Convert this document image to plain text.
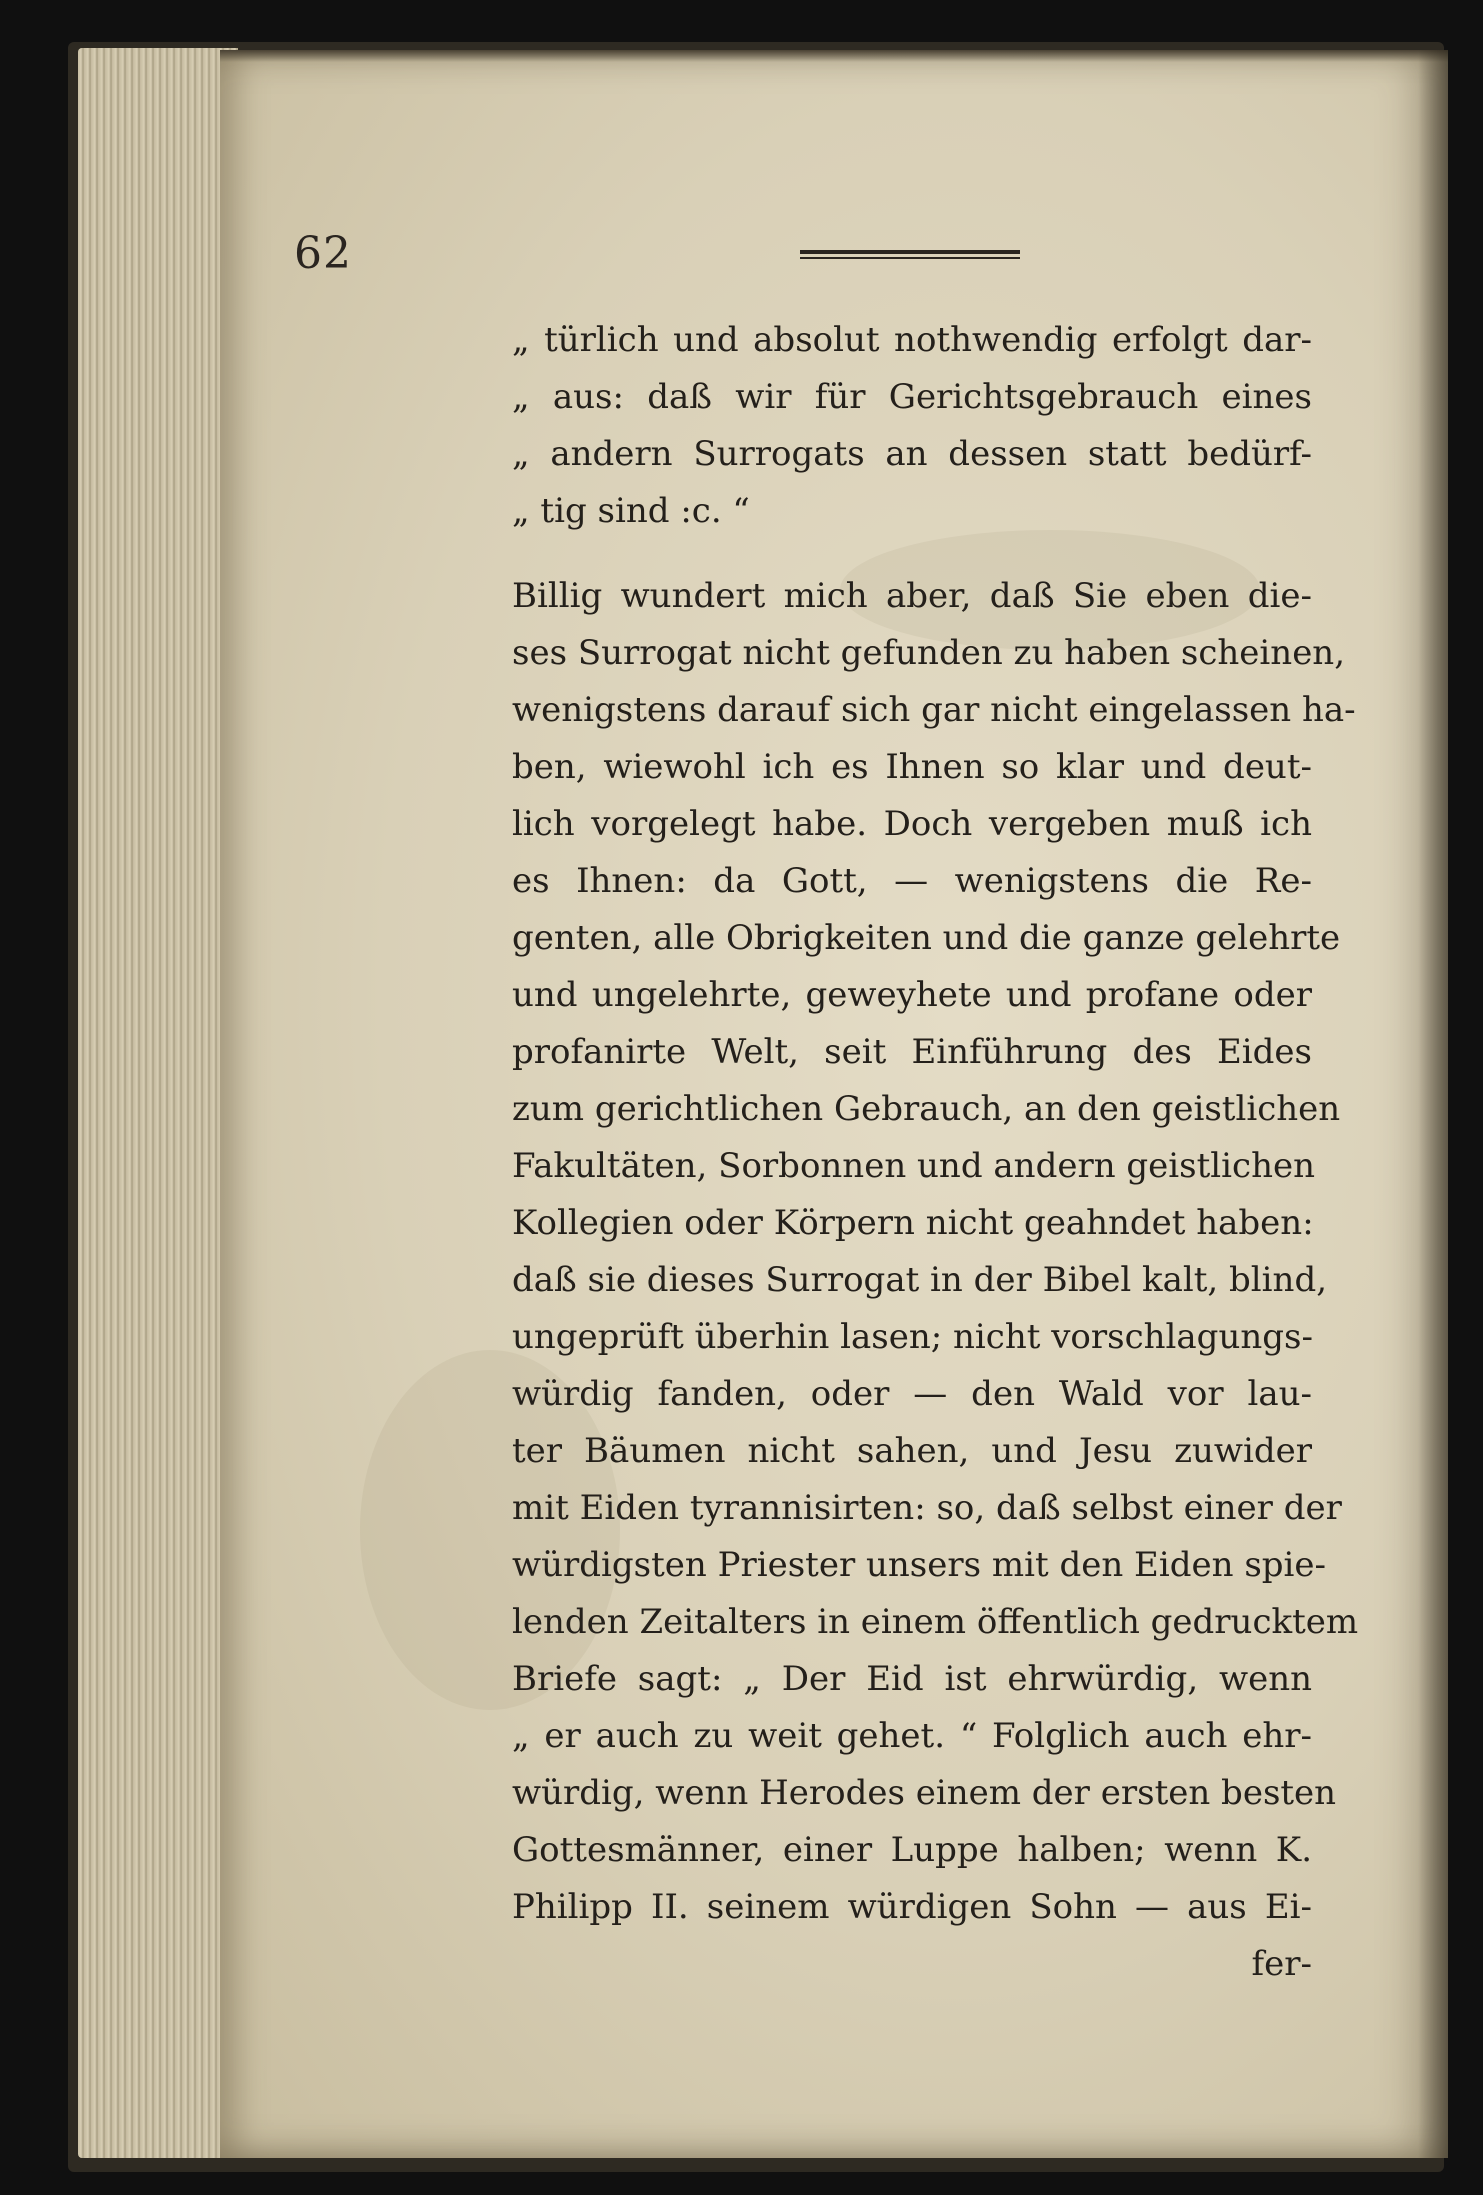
62
„ türlich und absolut nothwendig erfolgt dar-
„ aus: daß wir für Gerichtsgebrauch eines
„ andern Surrogats an dessen statt bedürf-
„ tig sind :c. “
Billig wundert mich aber, daß Sie eben die-
ses Surrogat nicht gefunden zu haben scheinen,
wenigstens darauf sich gar nicht eingelassen ha-
ben, wiewohl ich es Ihnen so klar und deut-
lich vorgelegt habe. Doch vergeben muß ich
es Ihnen: da Gott, — wenigstens die Re-
genten, alle Obrigkeiten und die ganze gelehrte
und ungelehrte, geweyhete und profane oder
profanirte Welt, seit Einführung des Eides
zum gerichtlichen Gebrauch, an den geistlichen
Fakultäten, Sorbonnen und andern geistlichen
Kollegien oder Körpern nicht geahndet haben:
daß sie dieses Surrogat in der Bibel kalt, blind,
ungeprüft überhin lasen; nicht vorschlagungs-
würdig fanden, oder — den Wald vor lau-
ter Bäumen nicht sahen, und Jesu zuwider
mit Eiden tyrannisirten: so, daß selbst einer der
würdigsten Priester unsers mit den Eiden spie-
lenden Zeitalters in einem öffentlich gedrucktem
Briefe sagt: „ Der Eid ist ehrwürdig, wenn
„ er auch zu weit gehet. “ Folglich auch ehr-
würdig, wenn Herodes einem der ersten besten
Gottesmänner, einer Luppe halben; wenn K.
Philipp II. seinem würdigen Sohn — aus Ei-
fer-
